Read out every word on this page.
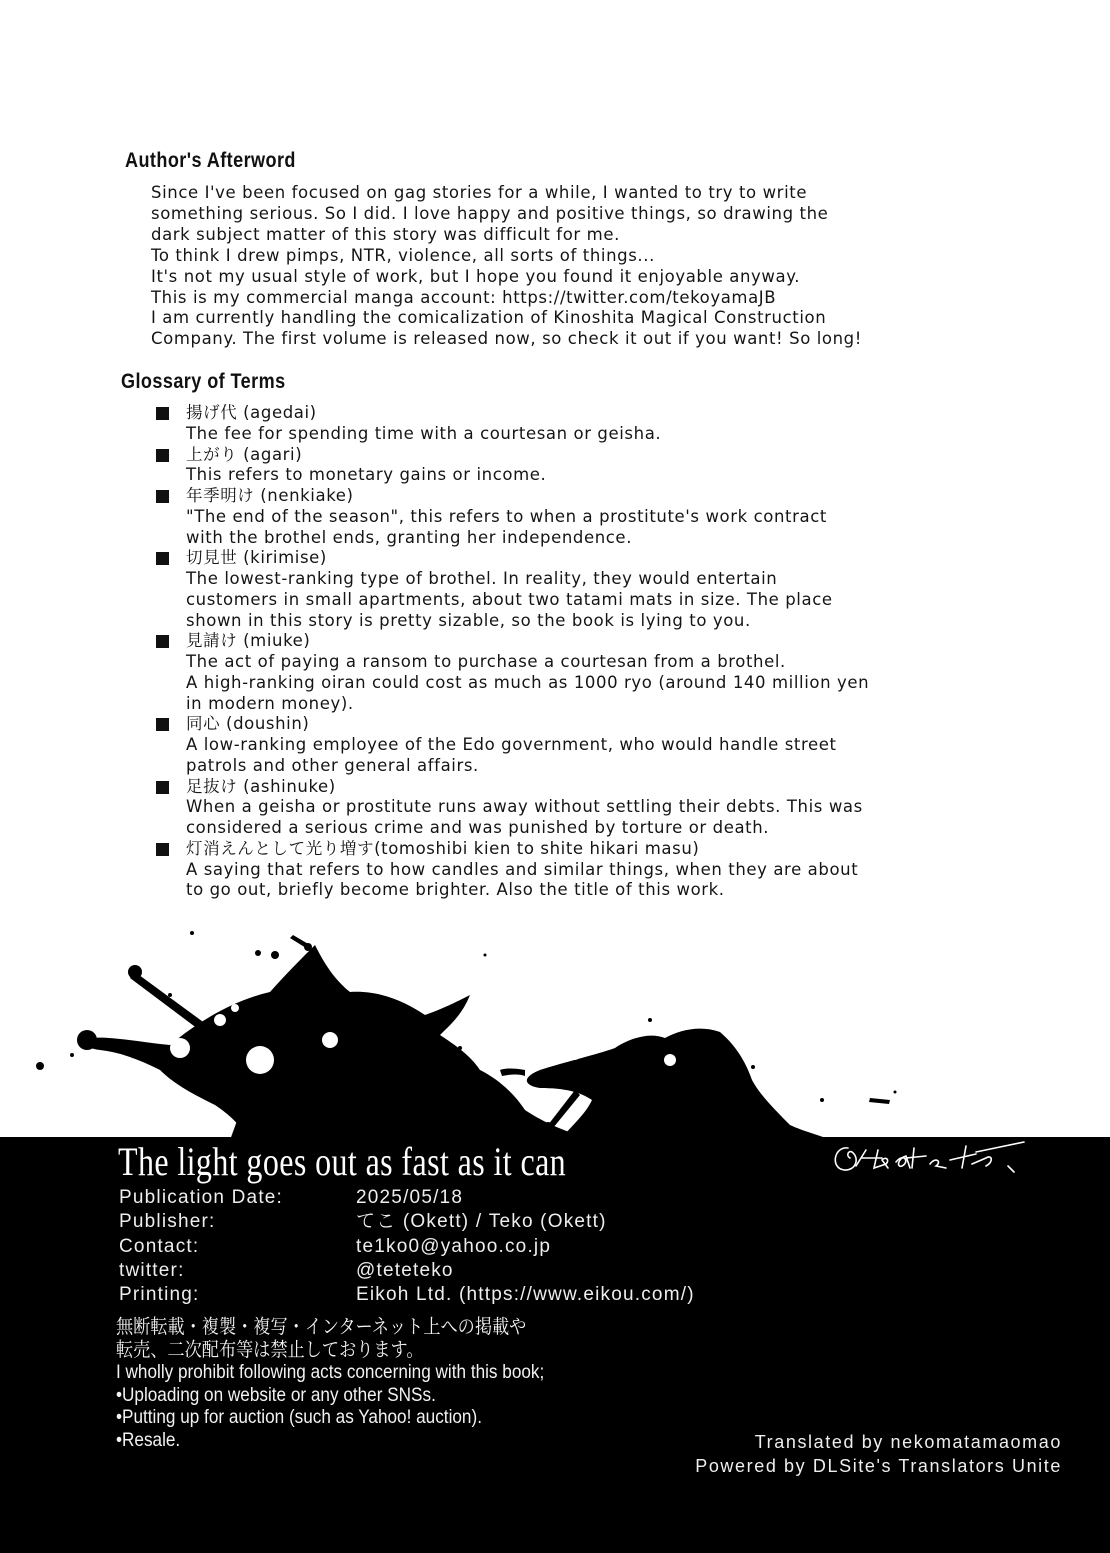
Author's Afterword
Since I've been focused on gag stories for a while, I wanted to try to write
something serious. So I did. I love happy and positive things, so drawing the
dark subject matter of this story was difficult for me.
To think I drew pimps, NTR, violence, all sorts of things...
It's not my usual style of work, but I hope you found it enjoyable anyway.
This is my commercial manga account: https://twitter.com/tekoyamaJB
I am currently handling the comicalization of Kinoshita Magical Construction
Company. The first volume is released now, so check it out if you want! So long!
Glossary of Terms
揚げ代 (agedai)
The fee for spending time with a courtesan or geisha.
上がり (agari)
This refers to monetary gains or income.
年季明け (nenkiake)
"The end of the season", this refers to when a prostitute's work contract
with the brothel ends, granting her independence.
切見世 (kirimise)
The lowest-ranking type of brothel. In reality, they would entertain
customers in small apartments, about two tatami mats in size. The place
shown in this story is pretty sizable, so the book is lying to you.
見請け (miuke)
The act of paying a ransom to purchase a courtesan from a brothel.
A high-ranking oiran could cost as much as 1000 ryo (around 140 million yen
in modern money).
同心 (doushin)
A low-ranking employee of the Edo government, who would handle street
patrols and other general affairs.
足抜け (ashinuke)
When a geisha or prostitute runs away without settling their debts. This was
considered a serious crime and was punished by torture or death.
灯消えんとして光り増す(tomoshibi kien to shite hikari masu)
A saying that refers to how candles and similar things, when they are about
to go out, briefly become brighter. Also the title of this work.
The light goes out as fast as it can
Publication Date:	2025/05/18
Publisher:	てこ (Okett) / Teko (Okett)
Contact:	te1ko0@yahoo.co.jp
twitter:	@teteteko
Printing:	Eikoh Ltd. (https://www.eikou.com/)
無断転載・複製・複写・インターネット上への掲載や
転売、二次配布等は禁止しております。
I wholly prohibit following acts concerning with this book;
•Uploading on website or any other SNSs.
•Putting up for auction (such as Yahoo! auction).
•Resale.	Translated by nekomatamaomao
Powered by DLSite's Translators Unite
